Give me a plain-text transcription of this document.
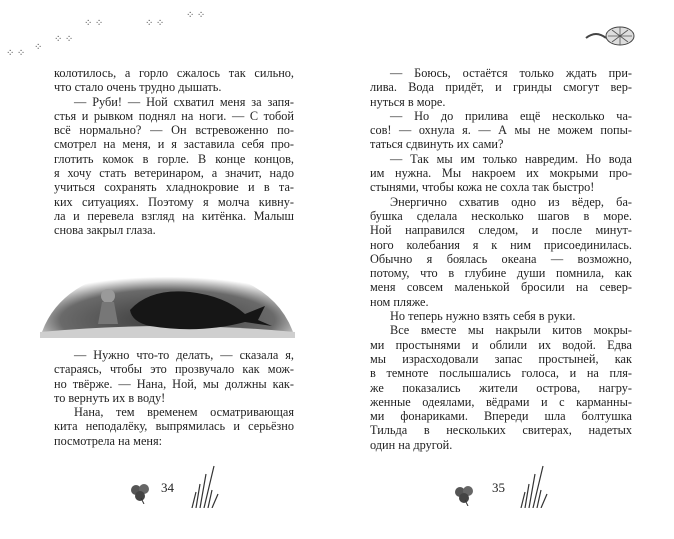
⁘ ⁘	⁘ ⁘
⁘ ⁘
⁘ ⁘
⁘
⁘ ⁘
колотилось, а горло сжалось так сильно,
что стало очень трудно дышать.
— Руби! — Ной схватил меня за запя-
стья и рывком поднял на ноги. — С тобой
всё нормально? — Он встревоженно по-
смотрел на меня, и я заставила себя про-
глотить комок в горле. В конце концов,
я хочу стать ветеринаром, а значит, надо
учиться сохранять хладнокровие и в та-
ких ситуациях. Поэтому я молча кивну-
ла и перевела взгляд на китёнка. Малыш
снова закрыл глаза.
— Нужно что-то делать, — сказала я,
стараясь, чтобы это прозвучало как мож-
но твёрже. — Нана, Ной, мы должны как-
то вернуть их в воду!
Нана, тем временем осматривающая
кита неподалёку, выпрямилась и серьёзно
посмотрела на меня:
— Боюсь, остаётся только ждать при-
лива. Вода придёт, и гринды смогут вер-
нуться в море.
— Но до прилива ещё несколько ча-
сов! — охнула я. — А мы не можем попы-
таться сдвинуть их сами?
— Так мы им только навредим. Но вода
им нужна. Мы накроем их мокрыми про-
стынями, чтобы кожа не сохла так быстро!
Энергично схватив одно из вёдер, ба-
бушка сделала несколько шагов в море.
Ной направился следом, и после минут-
ного колебания я к ним присоединилась.
Обычно я боялась океана — возможно,
потому, что в глубине души помнила, как
меня совсем маленькой бросили на север-
ном пляже.
Но теперь нужно взять себя в руки.
Все вместе мы накрыли китов мокры-
ми простынями и облили их водой. Едва
мы израсходовали запас простыней, как
в темноте послышались голоса, и на пля-
же показались жители острова, нагру-
женные одеялами, вёдрами и с карманны-
ми фонариками. Впереди шла болтушка
Тильда в нескольких свитерах, надетых
один на другой.
34	35
